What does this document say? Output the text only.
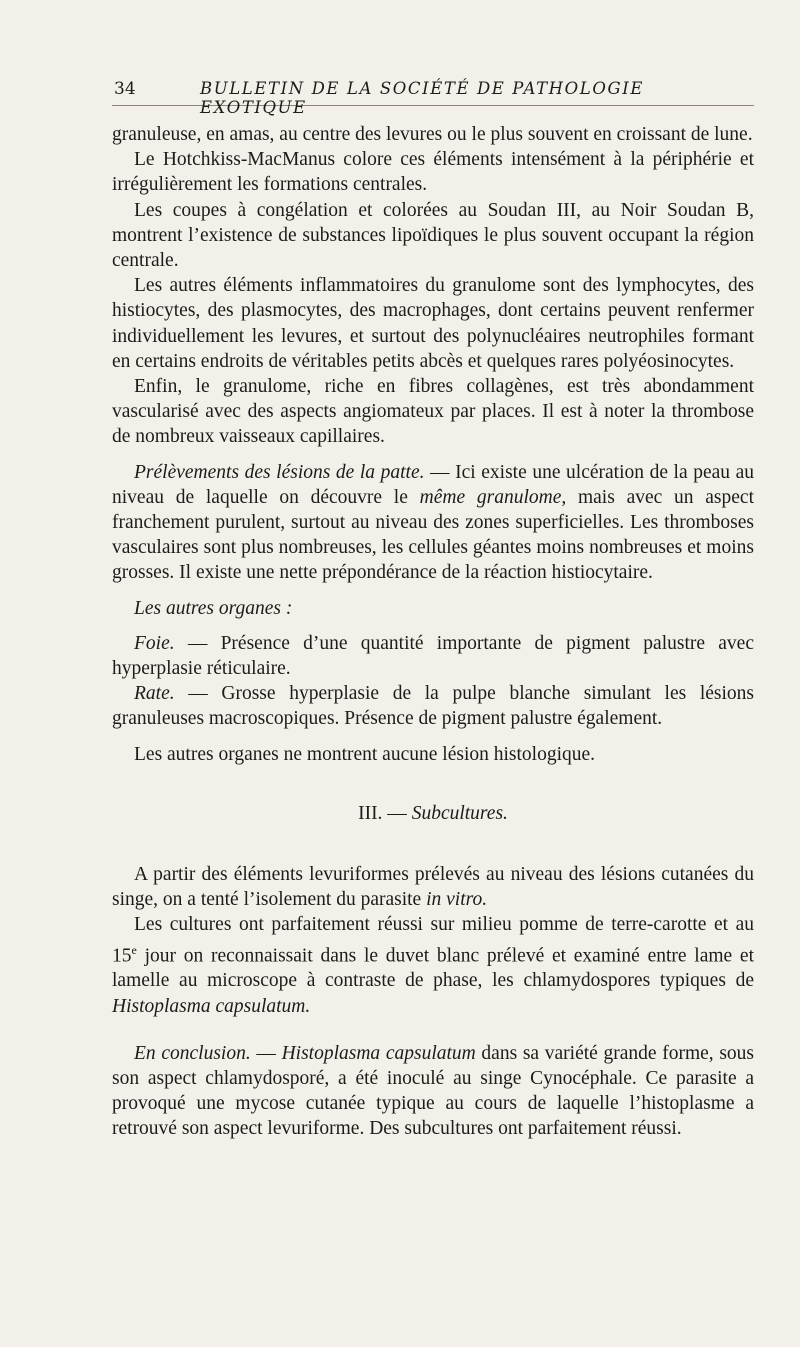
34	BULLETIN DE LA SOCIÉTÉ DE PATHOLOGIE EXOTIQUE

granuleuse, en amas, au centre des levures ou le plus souvent en croissant de lune.

Le Hotchkiss-MacManus colore ces éléments intensément à la périphérie et irrégulièrement les formations centrales.

Les coupes à congélation et colorées au Soudan III, au Noir Soudan B, montrent l’existence de substances lipoïdiques le plus souvent occupant la région centrale.

Les autres éléments inflammatoires du granulome sont des lymphocytes, des histiocytes, des plasmocytes, des macrophages, dont certains peuvent renfermer individuellement les levures, et surtout des polynucléaires neutrophiles formant en certains endroits de véritables petits abcès et quelques rares polyéosinocytes.

Enfin, le granulome, riche en fibres collagènes, est très abondamment vascularisé avec des aspects angiomateux par places. Il est à noter la thrombose de nombreux vaisseaux capillaires.

Prélèvements des lésions de la patte. — Ici existe une ulcération de la peau au niveau de laquelle on découvre le même granulome, mais avec un aspect franchement purulent, surtout au niveau des zones superficielles. Les thromboses vasculaires sont plus nombreuses, les cellules géantes moins nombreuses et moins grosses. Il existe une nette prépondérance de la réaction histiocytaire.

Les autres organes :

Foie. — Présence d’une quantité importante de pigment palustre avec hyperplasie réticulaire.

Rate. — Grosse hyperplasie de la pulpe blanche simulant les lésions granuleuses macroscopiques. Présence de pigment palustre également.

Les autres organes ne montrent aucune lésion histologique.

III. — Subcultures.

A partir des éléments levuriformes prélevés au niveau des lésions cutanées du singe, on a tenté l’isolement du parasite in vitro.

Les cultures ont parfaitement réussi sur milieu pomme de terre-carotte et au 15e jour on reconnaissait dans le duvet blanc prélevé et examiné entre lame et lamelle au microscope à contraste de phase, les chlamydospores typiques de Histoplasma capsulatum.

En conclusion. — Histoplasma capsulatum dans sa variété grande forme, sous son aspect chlamydosporé, a été inoculé au singe Cynocéphale. Ce parasite a provoqué une mycose cutanée typique au cours de laquelle l’histoplasme a retrouvé son aspect levuriforme. Des subcultures ont parfaitement réussi.
